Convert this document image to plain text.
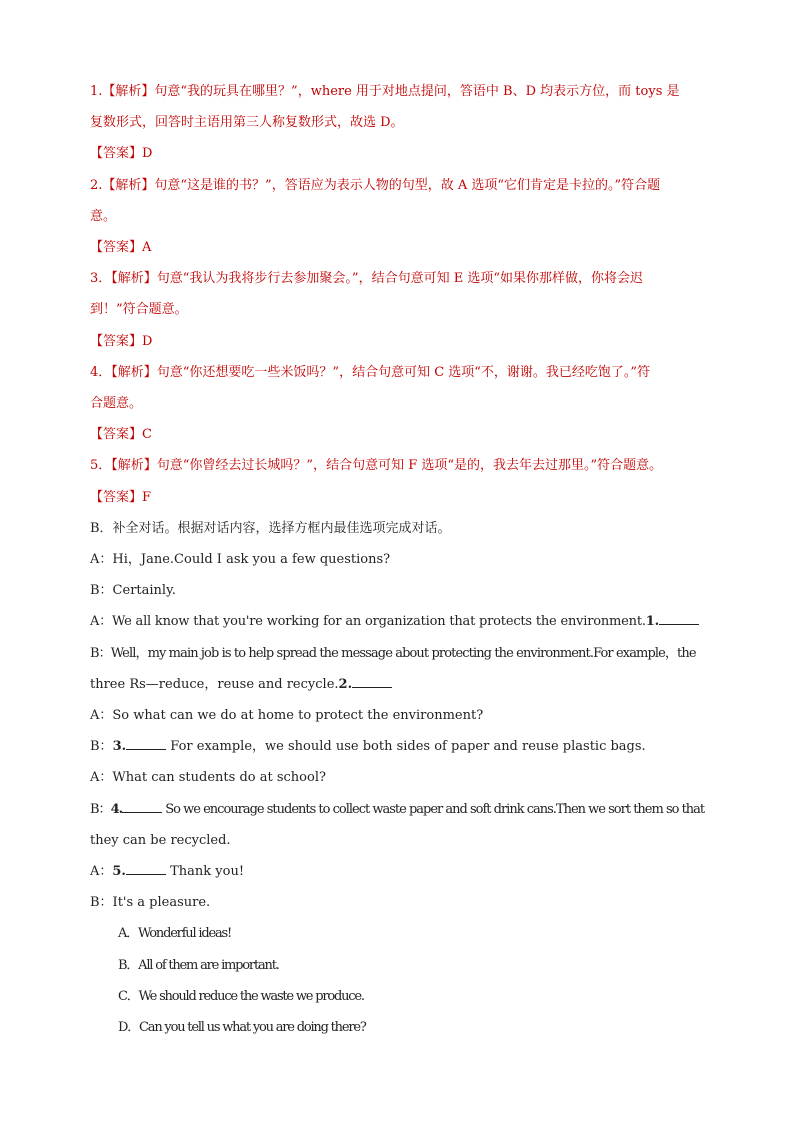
1.【解析】句意“我的玩具在哪里？”，where 用于对地点提问，答语中 B、D 均表示方位，而 toys 是
复数形式，回答时主语用第三人称复数形式，故选 D。
【答案】D
2.【解析】句意“这是谁的书？”，答语应为表示人物的句型，故 A 选项“它们肯定是卡拉的。”符合题
意。
【答案】A
3．【解析】句意“我认为我将步行去参加聚会。”，结合句意可知 E 选项“如果你那样做，你将会迟
到！”符合题意。
【答案】D
4．【解析】句意“你还想要吃一些米饭吗？”，结合句意可知 C 选项“不，谢谢。我已经吃饱了。”符
合题意。
【答案】C
5．【解析】句意“你曾经去过长城吗？”，结合句意可知 F 选项“是的，我去年去过那里。”符合题意。
【答案】F
B．补全对话。根据对话内容，选择方框内最佳选项完成对话。
A：Hi，Jane.Could I ask you a few questions?
B：Certainly.
A：We all know that you're working for an organization that protects the environment.1.
B：Well，my main job is to help spread the message about protecting the environment.For example，the
three Rs—reduce，reuse and recycle.2.
A：So what can we do at home to protect the environment?
B：3.	For example，we should use both sides of paper and reuse plastic bags.
A：What can students do at school?
B：4.	So we encourage students to collect waste paper and soft drink cans.Then we sort them so that
they can be recycled.
A：5.	Thank you!
B：It's a pleasure.
A．Wonderful ideas!
B．All of them are important.
C．We should reduce the waste we produce.
D．Can you tell us what you are doing there?
